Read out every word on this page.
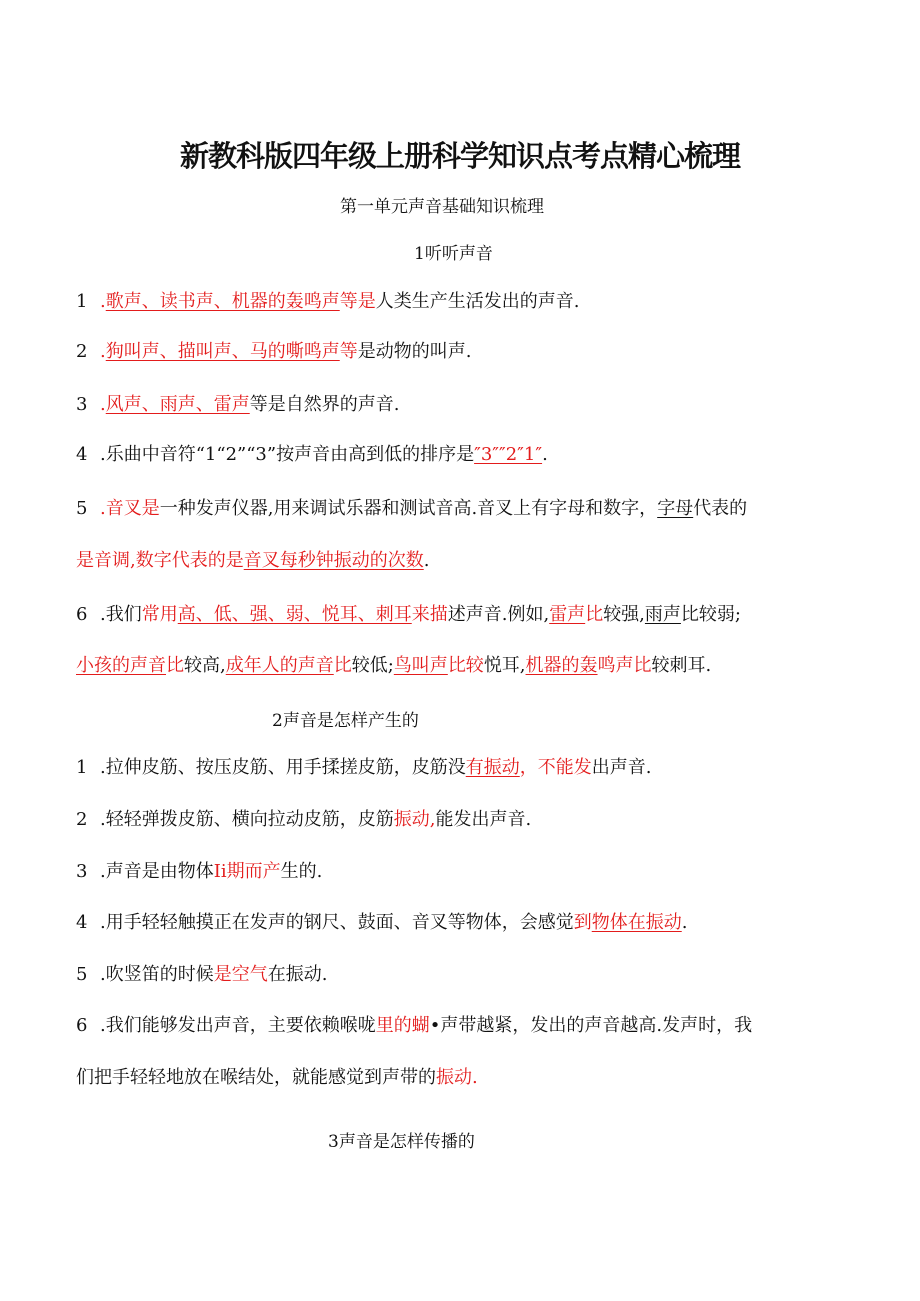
新教科版四年级上册科学知识点考点精心梳理

第一单元声音基础知识梳理

1听听声音

1 .歌声、读书声、机器的轰鸣声等是人类生产生活发出的声音.

2 .狗叫声、描叫声、马的嘶鸣声等是动物的叫声.

3 .风声、雨声、雷声等是自然界的声音.

4 .乐曲中音符“1“2”“3”按声音由高到低的排序是″3″″2″1″.

5 .音叉是一种发声仪器,用来调试乐器和测试音高.音叉上有字母和数字，字母代表的

是音调,数字代表的是音叉每秒钟振动的次数.

6 .我们常用高、低、强、弱、悦耳、刺耳来描述声音.例如,雷声比较强,雨声比较弱;

小孩的声音比较高,成年人的声音比较低;鸟叫声比较悦耳,机器的轰鸣声比较刺耳.

2声音是怎样产生的

1 .拉伸皮筋、按压皮筋、用手揉搓皮筋，皮筋没有振动，不能发出声音.

2 .轻轻弹拨皮筋、横向拉动皮筋，皮筋振动,能发出声音.

3 .声音是由物体Ii期而产生的.

4 .用手轻轻触摸正在发声的钢尺、鼓面、音叉等物体，会感觉到物体在振动.

5 .吹竖笛的时候是空气在振动.

6 .我们能够发出声音，主要依赖喉咙里的蝴•声带越紧，发出的声音越高.发声时，我

们把手轻轻地放在喉结处，就能感觉到声带的振动.

3声音是怎样传播的
